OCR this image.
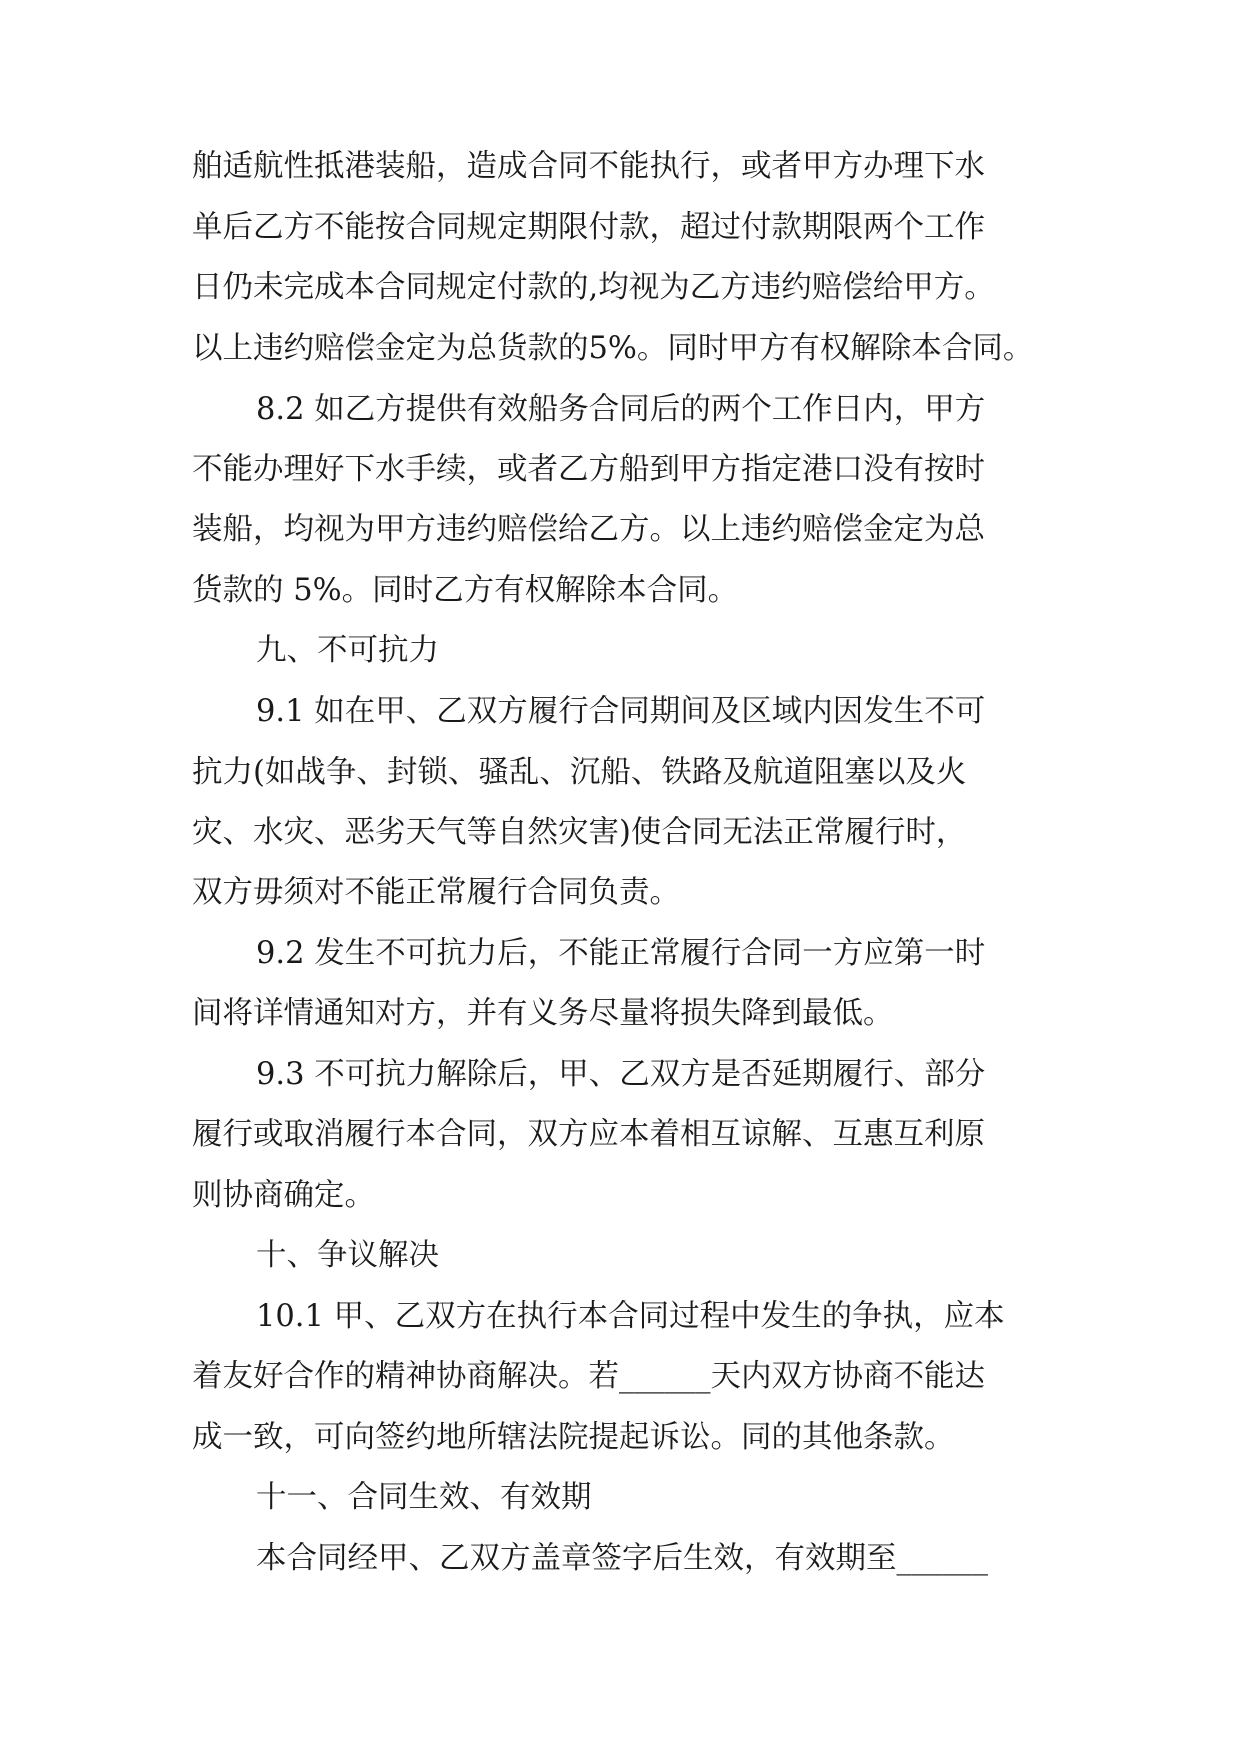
舶适航性抵港装船，造成合同不能执行，或者甲方办理下水
单后乙方不能按合同规定期限付款，超过付款期限两个工作
日仍未完成本合同规定付款的,均视为乙方违约赔偿给甲方。
以上违约赔偿金定为总货款的5%。同时甲方有权解除本合同。
8.2 如乙方提供有效船务合同后的两个工作日内，甲方
不能办理好下水手续，或者乙方船到甲方指定港口没有按时
装船，均视为甲方违约赔偿给乙方。以上违约赔偿金定为总
货款的 5%。同时乙方有权解除本合同。
九、不可抗力
9.1 如在甲、乙双方履行合同期间及区域内因发生不可
抗力(如战争、封锁、骚乱、沉船、铁路及航道阻塞以及火
灾、水灾、恶劣天气等自然灾害)使合同无法正常履行时，
双方毋须对不能正常履行合同负责。
9.2 发生不可抗力后，不能正常履行合同一方应第一时
间将详情通知对方，并有义务尽量将损失降到最低。
9.3 不可抗力解除后，甲、乙双方是否延期履行、部分
履行或取消履行本合同，双方应本着相互谅解、互惠互利原
则协商确定。
十、争议解决
10.1 甲、乙双方在执行本合同过程中发生的争执，应本
着友好合作的精神协商解决。若______天内双方协商不能达
成一致，可向签约地所辖法院提起诉讼。同的其他条款。
十一、合同生效、有效期
本合同经甲、乙双方盖章签字后生效，有效期至______
